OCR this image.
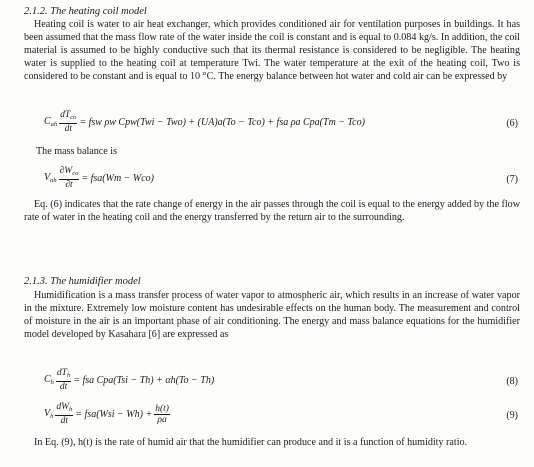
2.1.2. The heating coil model

Heating coil is water to air heat exchanger, which provides conditioned air for ventilation purposes in buildings. It has been assumed that the mass flow rate of the water inside the coil is constant and is equal to 0.084 kg/s. In addition, the coil material is assumed to be highly conductive such that its thermal resistance is considered to be negligible. The heating water is supplied to the heating coil at temperature Twi. The water temperature at the exit of the heating coil, Two is considered to be constant and is equal to 10 °C. The energy balance between hot water and cold air can be expressed by

$C_{ah} \frac{dT_{co}}{dt}$ = fsw ρw Cpw(Twi − Two) + (UA)a(To − Tco) + fsa ρa Cpa(Tm − Tco)	(6)
The mass balance is
$V_{ah} \frac{\partial W_{co}}{\partial t} = fsa(Wm - Wco)$	(7)

Eq. (6) indicates that the rate change of energy in the air passes through the coil is equal to the energy added by the flow rate of water in the heating coil and the energy transferred by the return air to the surrounding.

2.1.3. The humidifier model

Humidification is a mass transfer process of water vapor to atmospheric air, which results in an increase of water vapor in the mixture. Extremely low moisture content has undesirable effects on the human body. The measurement and control of moisture in the air is an important phase of air conditioning. The energy and mass balance equations for the humidifier model developed by Kasahara [6] are expressed as

$C_h \frac{dT_h}{dt}$ = fsa Cpa(Tsi − Th) + αh(To − Th)	(8)
$V_h \frac{dW_h}{dt} = fsa(Wsi - Wh) + \frac{h(t)}{\rho a}$	(9)

In Eq. (9), h(t) is the rate of humid air that the humidifier can produce and it is a function of humidity ratio.
